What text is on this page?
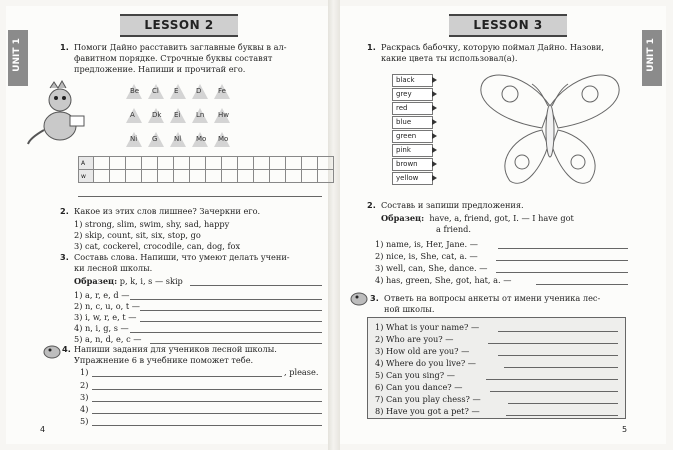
UNIT 1
LESSON 2
1. Помоги Дайно расставить заглавные буквы в ал-
фавитном порядке. Строчные буквы составят
предложение. Напиши и прочитай его.
Be Cl E	D Fe
A Dk Ei Ln Hw
Ni G Nl Mo Mo
A															
w															
2. Какое из этих слов лишнее? Зачеркни его.
1) strong, slim, swim, shy, sad, happy
2) skip, count, sit, six, stop, go
3) cat, cockerel, crocodile, can, dog, fox
3. Составь слова. Напиши, что умеют делать учени-
ки лесной школы.
Образец: p, k, i, s — skip
1) a, r, e, d —
2) n, c, u, o, t —
3) i, w, r, e, t —
4) n, i, g, s —
5) a, n, d, e, c —
4. Напиши задания для учеников лесной школы.
Упражнение 6 в учебнике поможет тебе.
1)	, please.
2)
3)
4)
5)
4
UNIT 1
LESSON 3
1. Раскрась бабочку, которую поймал Дайно. Назови,
какие цвета ты использовал(а).
black
grey
red
blue
green
pink
brown
yellow
2. Составь и запиши предложения.
Образец: have, a, friend, got, I. — I have got
a friend.
1) name, is, Her, Jane. —
2) nice, is, She, cat, a. —
3) well, can, She, dance. —
4) has, green, She, got, hat, a. —
3. Ответь на вопросы анкеты от имени ученика лес-
ной школы.
1) What is your name? —
2) Who are you? —
3) How old are you? —
4) Where do you live? —
5) Can you sing? —
6) Can you dance? —
7) Can you play chess? —
8) Have you got a pet? —
5
